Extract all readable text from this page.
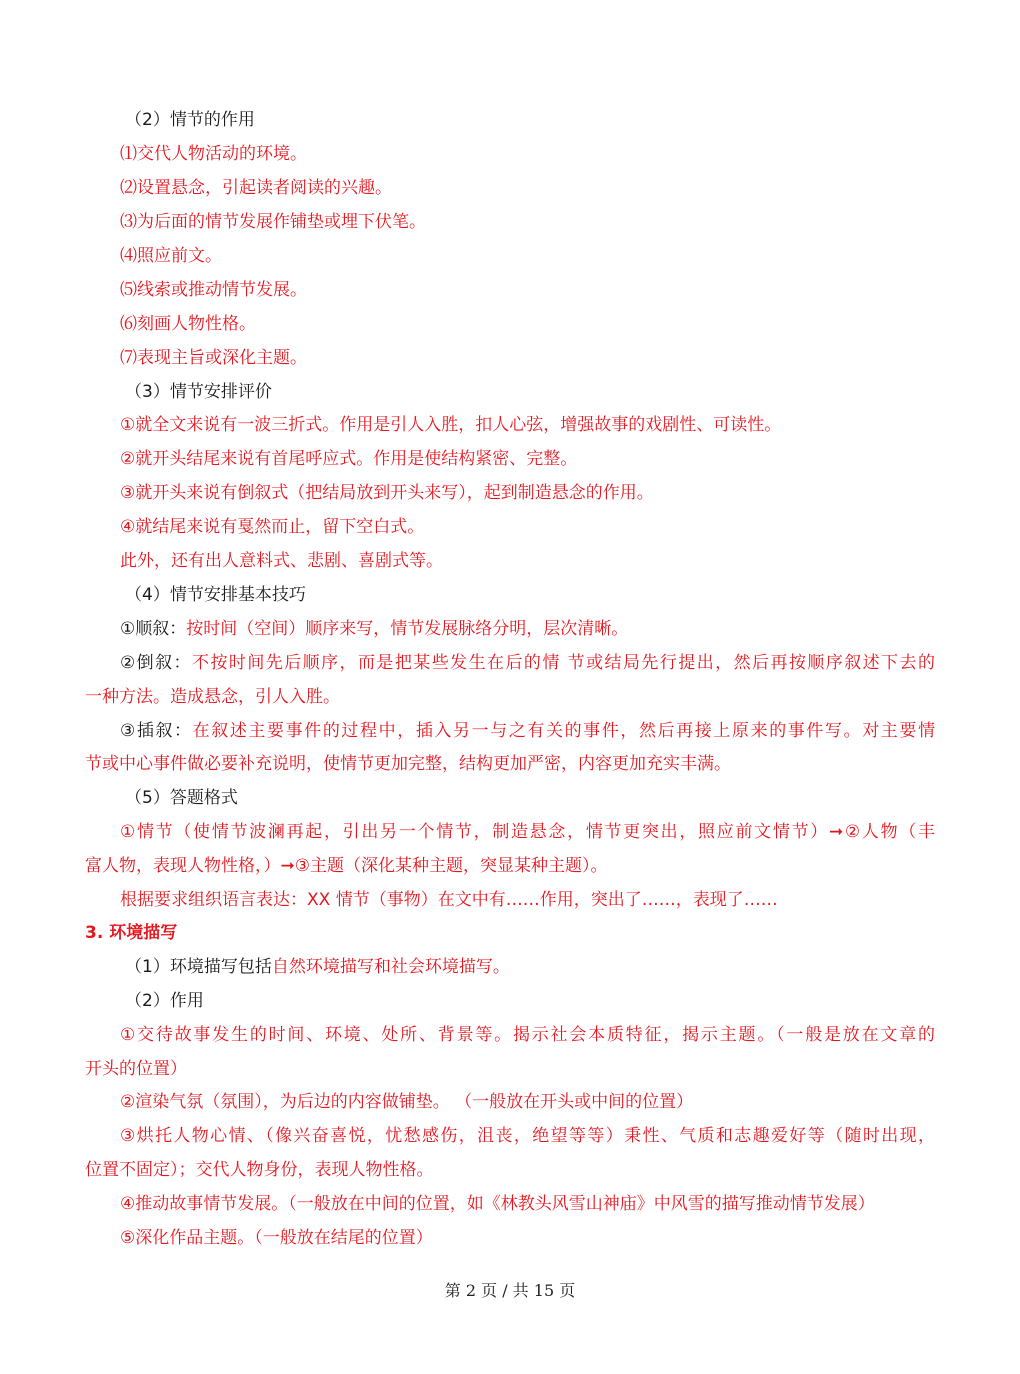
（2）情节的作用
⑴交代人物活动的环境。
⑵设置悬念，引起读者阅读的兴趣。
⑶为后面的情节发展作铺垫或埋下伏笔。
⑷照应前文。
⑸线索或推动情节发展。
⑹刻画人物性格。
⑺表现主旨或深化主题。
（3）情节安排评价
①就全文来说有一波三折式。作用是引人入胜，扣人心弦，增强故事的戏剧性、可读性。
②就开头结尾来说有首尾呼应式。作用是使结构紧密、完整。
③就开头来说有倒叙式（把结局放到开头来写），起到制造悬念的作用。
④就结尾来说有戛然而止，留下空白式。
此外，还有出人意料式、悲剧、喜剧式等。
（4）情节安排基本技巧
①顺叙：按时间（空间）顺序来写，情节发展脉络分明，层次清晰。
②倒叙：不按时间先后顺序，而是把某些发生在后的情 节或结局先行提出，然后再按顺序叙述下去的
一种方法。造成悬念，引人入胜。
③插叙：在叙述主要事件的过程中，插入另一与之有关的事件，然后再接上原来的事件写。对主要情
节或中心事件做必要补充说明，使情节更加完整，结构更加严密，内容更加充实丰满。
（5）答题格式
①情节（使情节波澜再起，引出另一个情节，制造悬念，情节更突出，照应前文情节）➞②人物（丰
富人物，表现人物性格，）➞③主题（深化某种主题，突显某种主题）。
根据要求组织语言表达：XX 情节（事物）在文中有……作用，突出了……，表现了……
3. 环境描写
（1）环境描写包括自然环境描写和社会环境描写。
（2）作用
①交待故事发生的时间、环境、处所、背景等。揭示社会本质特征，揭示主题。（一般是放在文章的
开头的位置）
②渲染气氛（氛围），为后边的内容做铺垫。 （一般放在开头或中间的位置）
③烘托人物心情、（像兴奋喜悦，忧愁感伤，沮丧，绝望等等）秉性、气质和志趣爱好等（随时出现，
位置不固定）；交代人物身份，表现人物性格。
④推动故事情节发展。（一般放在中间的位置，如《林教头风雪山神庙》中风雪的描写推动情节发展）
⑤深化作品主题。（一般放在结尾的位置）
第 2 页 / 共 15 页
